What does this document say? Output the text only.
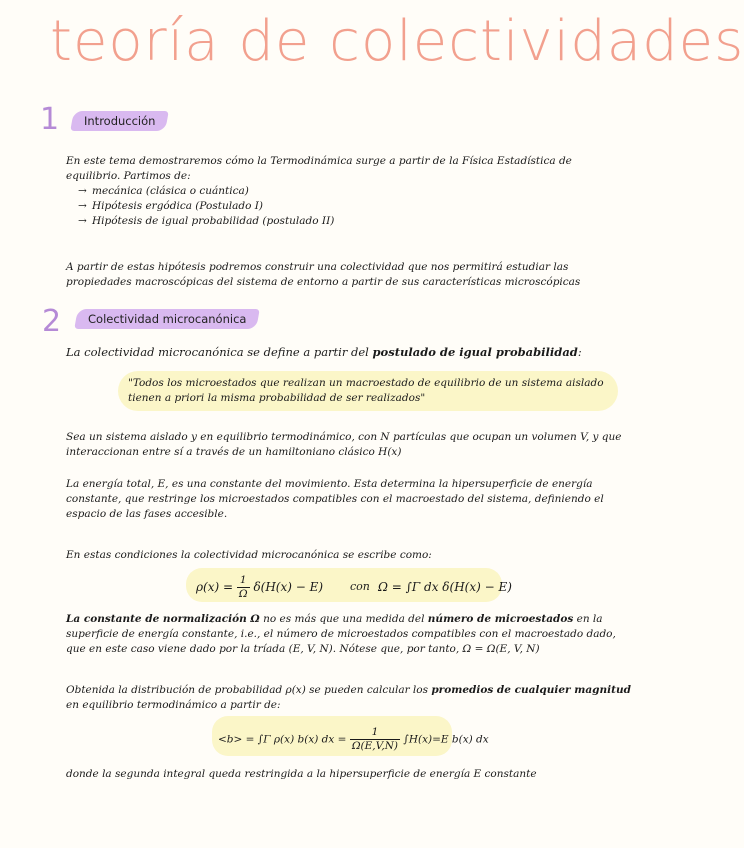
teoría de colectividades
1	Introducción

En este tema demostraremos cómo la Termodinámica surge a partir de la Física Estadística de equilibrio. Partimos de:

→ mecánica (clásica o cuántica)
→ Hipótesis ergódica (Postulado I)
→ Hipótesis de igual probabilidad (postulado II)
A partir de estas hipótesis podremos construir una colectividad que nos permitirá estudiar las propiedades macroscópicas del sistema de entorno a partir de sus características microscópicas
2	Colectividad microcanónica
La colectividad microcanónica se define a partir del postulado de igual probabilidad:
"Todos los microestados que realizan un macroestado de equilibrio de un sistema aislado tienen a priori la misma probabilidad de ser realizados"
Sea un sistema aislado y en equilibrio termodinámico, con N partículas que ocupan un volumen V, y que interaccionan entre sí a través de un hamiltoniano clásico H(x)
La energía total, E, es una constante del movimiento. Esta determina la hipersuperficie de energía constante, que restringe los microestados compatibles con el macroestado del sistema, definiendo el espacio de las fases accesible.
En estas condiciones la colectividad microcanónica se escribe como:
$\rho(x) = \frac{1}{\Omega} \delta(H(x) - E)$ con Ω = ∫Γ dx δ(H(x) − E)
La constante de normalización Ω no es más que una medida del número de microestados en la superficie de energía constante, i.e., el número de microestados compatibles con el macroestado dado, que en este caso viene dado por la tríada (E, V, N). Nótese que, por tanto, Ω = Ω(E, V, N)
Obtenida la distribución de probabilidad ρ(x) se pueden calcular los promedios de cualquier magnitud en equilibrio termodinámico a partir de:
<b> = ∫Γ ρ(x) b(x) dx = $\frac{1}{\Omega(E,V,N)} \int H(x)=E$ b(x) dx
donde la segunda integral queda restringida a la hipersuperficie de energía E constante
